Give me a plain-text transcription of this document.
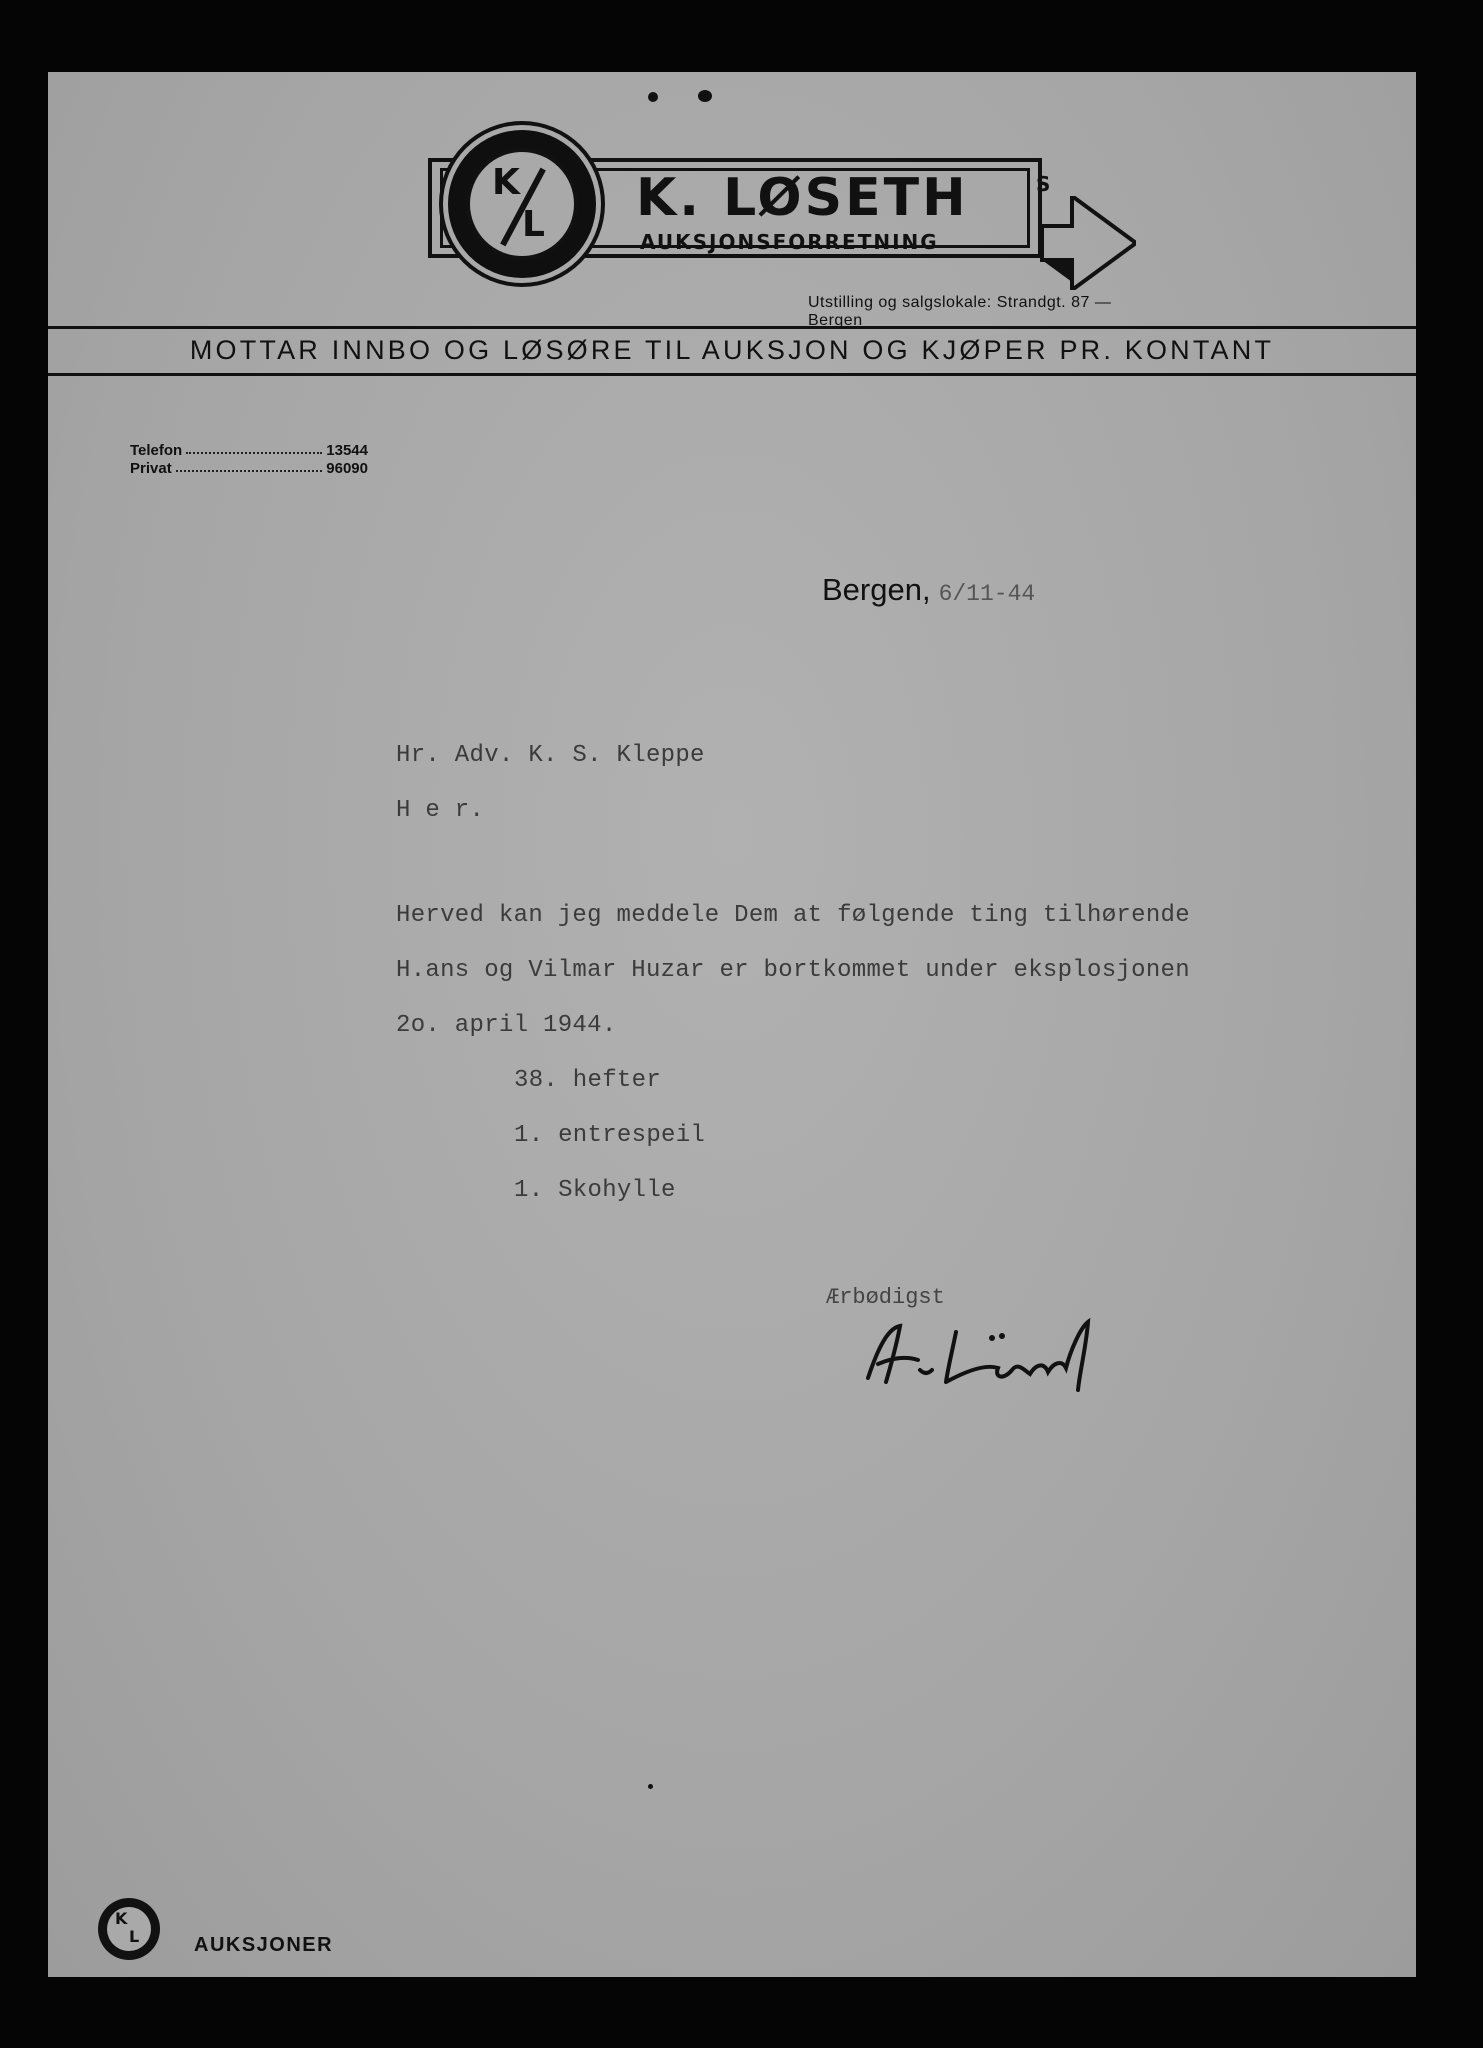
K
L K. LØSETH	S
AUKSJONSFORRETNING
Utstilling og salgslokale: Strandgt. 87 — Bergen
MOTTAR INNBO OG LØSØRE TIL AUKSJON OG KJØPER PR. KONTANT
Telefon	13544
Privat	96090
Bergen, 6/11-44
Hr. Adv. K. S. Kleppe
H e r.
Herved kan jeg meddele Dem at følgende ting tilhørende
H.ans og Vilmar Huzar er bortkommet under eksplosjonen
2o. april 1944.
38. hefter
1. entrespeil
1. Skohylle
Ærbødigst
K
L	AUKSJONER
